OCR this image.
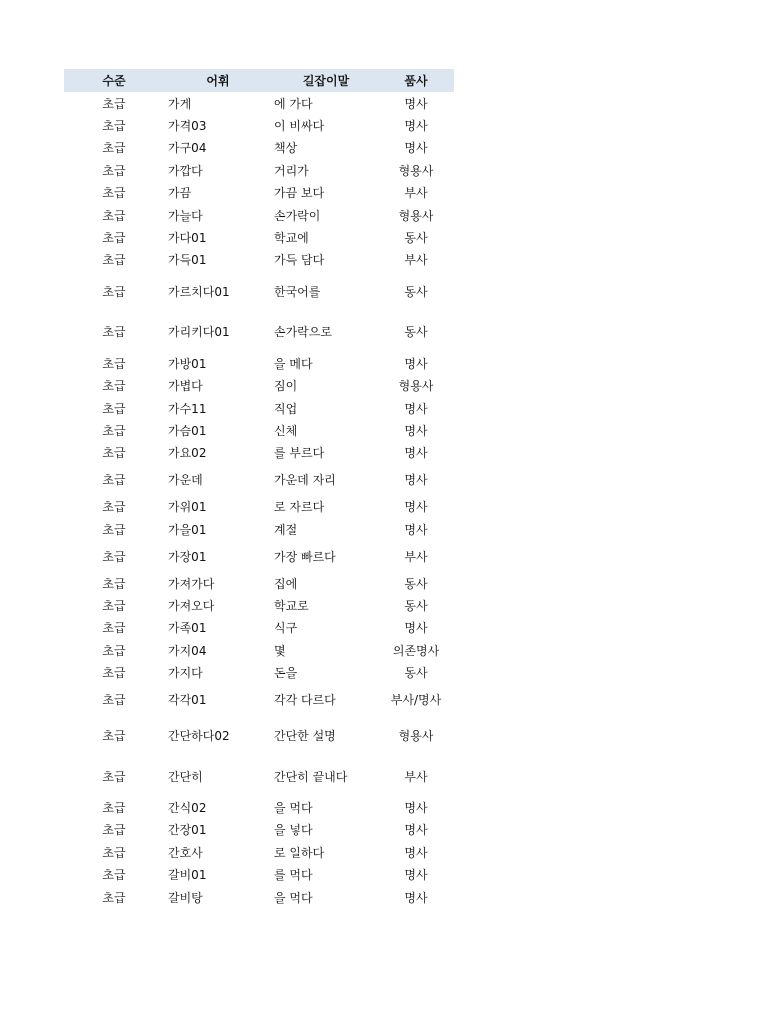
수준	어휘	길잡이말	품사
초급	가게	에 가다	명사
초급	가격03	이 비싸다	명사
초급	가구04	책상	명사
초급	가깝다	거리가	형용사
초급	가끔	가끔 보다	부사
초급	가늘다	손가락이	형용사
초급	가다01	학교에	동사
초급	가득01	가득 담다	부사
초급	가르치다01	한국어를	동사
초급	가리키다01	손가락으로	동사
초급	가방01	을 메다	명사
초급	가볍다	짐이	형용사
초급	가수11	직업	명사
초급	가슴01	신체	명사
초급	가요02	를 부르다	명사
초급	가운데	가운데 자리	명사
초급	가위01	로 자르다	명사
초급	가을01	계절	명사
초급	가장01	가장 빠르다	부사
초급	가져가다	집에	동사
초급	가져오다	학교로	동사
초급	가족01	식구	명사
초급	가지04	몇	의존명사
초급	가지다	돈을	동사
초급	각각01	각각 다르다	부사/명사
초급	간단하다02	간단한 설명	형용사
초급	간단히	간단히 끝내다	부사
초급	간식02	을 먹다	명사
초급	간장01	을 넣다	명사
초급	간호사	로 일하다	명사
초급	갈비01	를 먹다	명사
초급	갈비탕	을 먹다	명사
